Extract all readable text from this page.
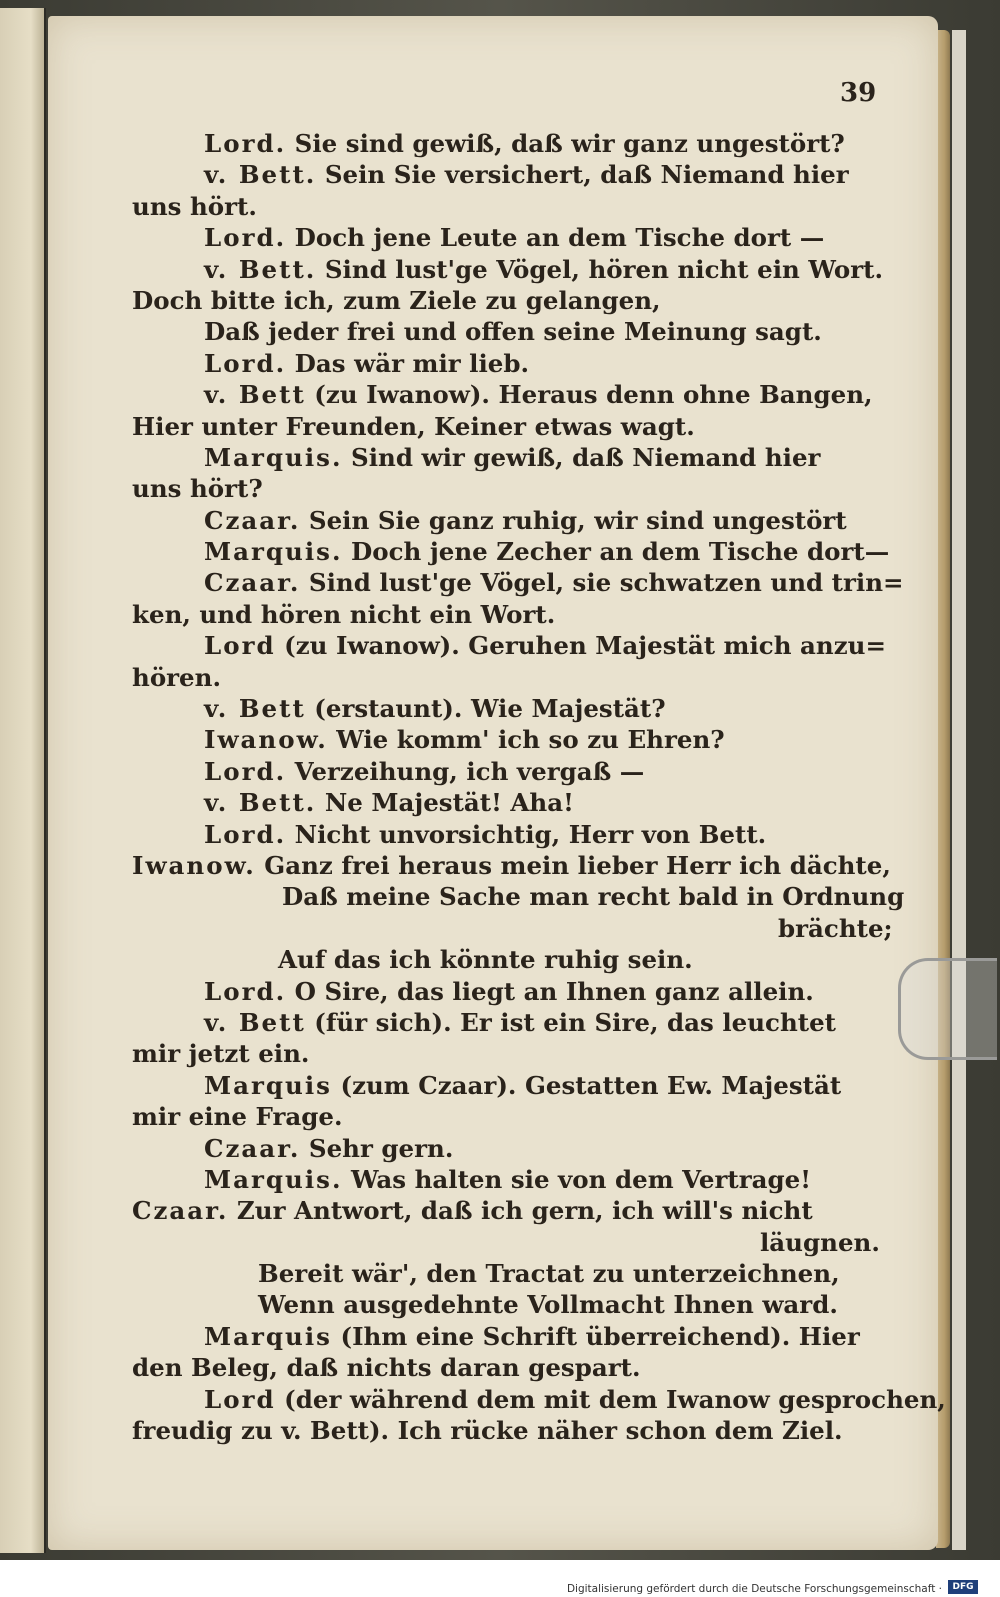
39
Lord. Sie sind gewiß, daß wir ganz ungestört?
v. Bett. Sein Sie versichert, daß Niemand hier
uns hört.
Lord. Doch jene Leute an dem Tische dort —
v. Bett. Sind lust'ge Vögel, hören nicht ein Wort.
Doch bitte ich, zum Ziele zu gelangen,
Daß jeder frei und offen seine Meinung sagt.
Lord. Das wär mir lieb.
v. Bett (zu Iwanow). Heraus denn ohne Bangen,
Hier unter Freunden, Keiner etwas wagt.
Marquis. Sind wir gewiß, daß Niemand hier
uns hört?
Czaar. Sein Sie ganz ruhig, wir sind ungestört
Marquis. Doch jene Zecher an dem Tische dort—
Czaar. Sind lust'ge Vögel, sie schwatzen und trin=
ken, und hören nicht ein Wort.
Lord (zu Iwanow). Geruhen Majestät mich anzu=
hören.
v. Bett (erstaunt). Wie Majestät?
Iwanow. Wie komm' ich so zu Ehren?
Lord. Verzeihung, ich vergaß —
v. Bett. Ne Majestät! Aha!
Lord. Nicht unvorsichtig, Herr von Bett.
Iwanow. Ganz frei heraus mein lieber Herr ich dächte,
Daß meine Sache man recht bald in Ordnung
brächte;
Auf das ich könnte ruhig sein.
Lord. O Sire, das liegt an Ihnen ganz allein.
v. Bett (für sich). Er ist ein Sire, das leuchtet
mir jetzt ein.
Marquis (zum Czaar). Gestatten Ew. Majestät
mir eine Frage.
Czaar. Sehr gern.
Marquis. Was halten sie von dem Vertrage!
Czaar. Zur Antwort, daß ich gern, ich will's nicht
läugnen.
Bereit wär', den Tractat zu unterzeichnen,
Wenn ausgedehnte Vollmacht Ihnen ward.
Marquis (Ihm eine Schrift überreichend). Hier
den Beleg, daß nichts daran gespart.
Lord (der während dem mit dem Iwanow gesprochen,
freudig zu v. Bett). Ich rücke näher schon dem Ziel.
Digitalisierung gefördert durch die Deutsche Forschungsgemeinschaft ·	DFG
